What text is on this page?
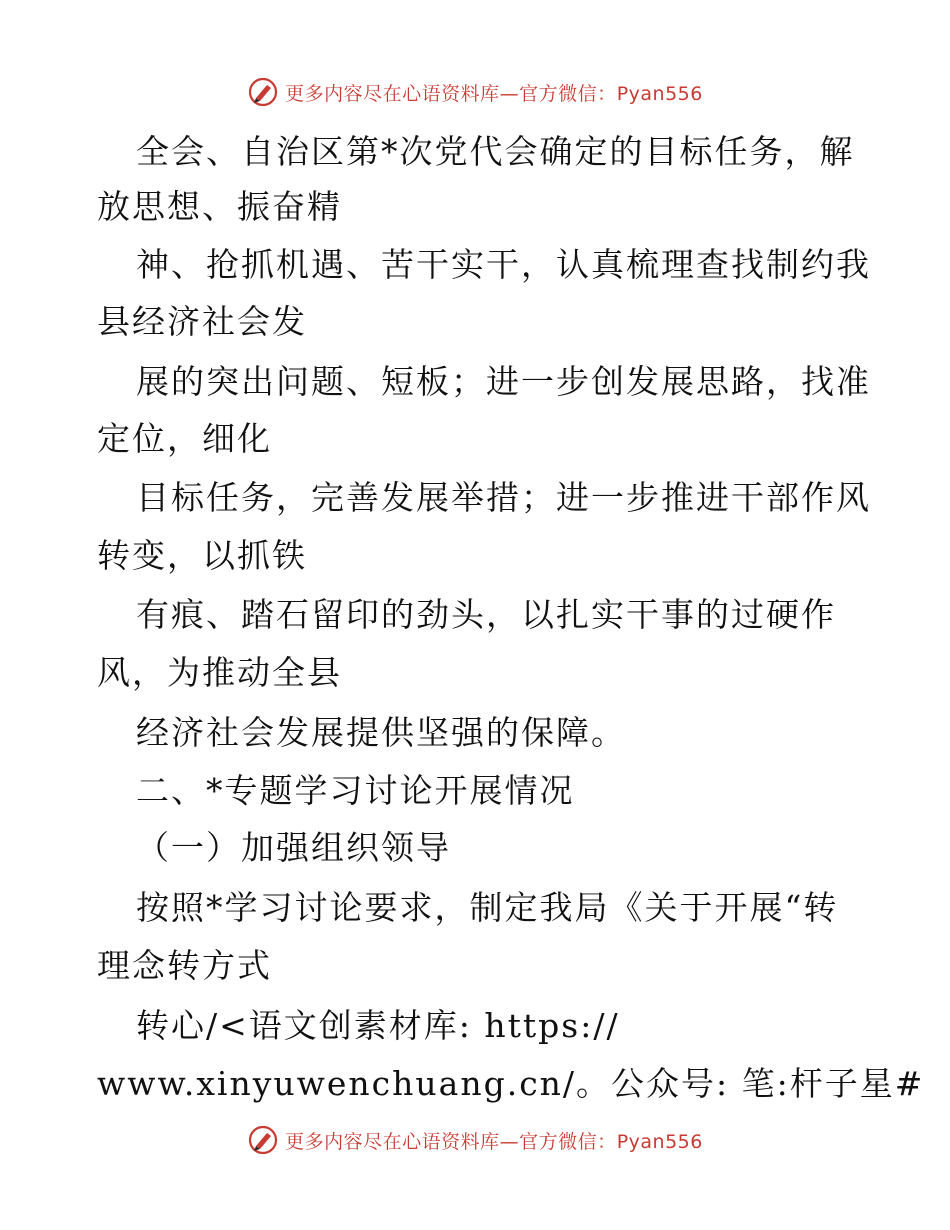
更多内容尽在心语资料库—官方微信：Pyan556
全会、自治区第*次党代会确定的目标任务，解
放思想、振奋精
神、抢抓机遇、苦干实干，认真梳理查找制约我
县经济社会发
展的突出问题、短板；进一步创发展思路，找准
定位，细化
目标任务，完善发展举措；进一步推进干部作风
转变，以抓铁
有痕、踏石留印的劲头，以扎实干事的过硬作
风，为推动全县
经济社会发展提供坚强的保障。
二、*专题学习讨论开展情况
（一）加强组织领导
按照*学习讨论要求，制定我局《关于开展“转
理念转方式
转心/<语文创素材库: https://
www.xinyuwenchuang.cn/。公众号: 笔:杆子星#
更多内容尽在心语资料库—官方微信：Pyan556
